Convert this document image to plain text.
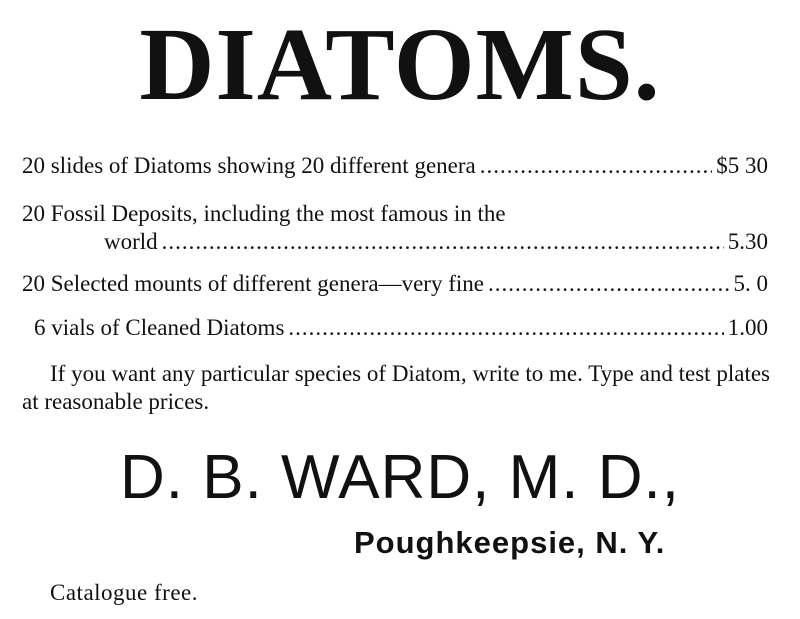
DIATOMS.
20 slides of Diatoms showing 20 different genera .....	$5 30
20 Fossil Deposits, including the most famous in the
world .....	5.30
20 Selected mounts of different genera—very fine .....	5. 0
6 vials of Cleaned Diatoms .....	1.00
If you want any particular species of Diatom, write to me. Type and test plates at reasonable prices.
D. B. WARD, M. D.,
Poughkeepsie, N. Y.
Catalogue free.
